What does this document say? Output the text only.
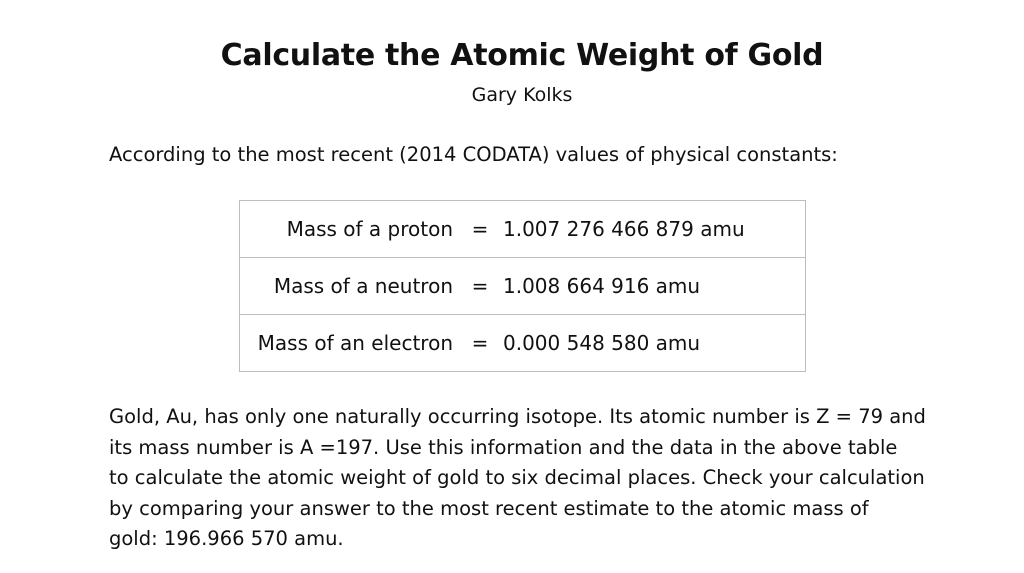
Calculate the Atomic Weight of Gold
Gary Kolks
According to the most recent (2014 CODATA) values of physical constants:
Mass of a proton	=	1.007 276 466 879 amu
Mass of a neutron	=	1.008 664 916 amu
Mass of an electron	=	0.000 548 580 amu
Gold, Au, has only one naturally occurring isotope. Its atomic number is Z = 79 and
its mass number is A =197. Use this information and the data in the above table
to calculate the atomic weight of gold to six decimal places. Check your calculation
by comparing your answer to the most recent estimate to the atomic mass of
gold: 196.966 570 amu.
